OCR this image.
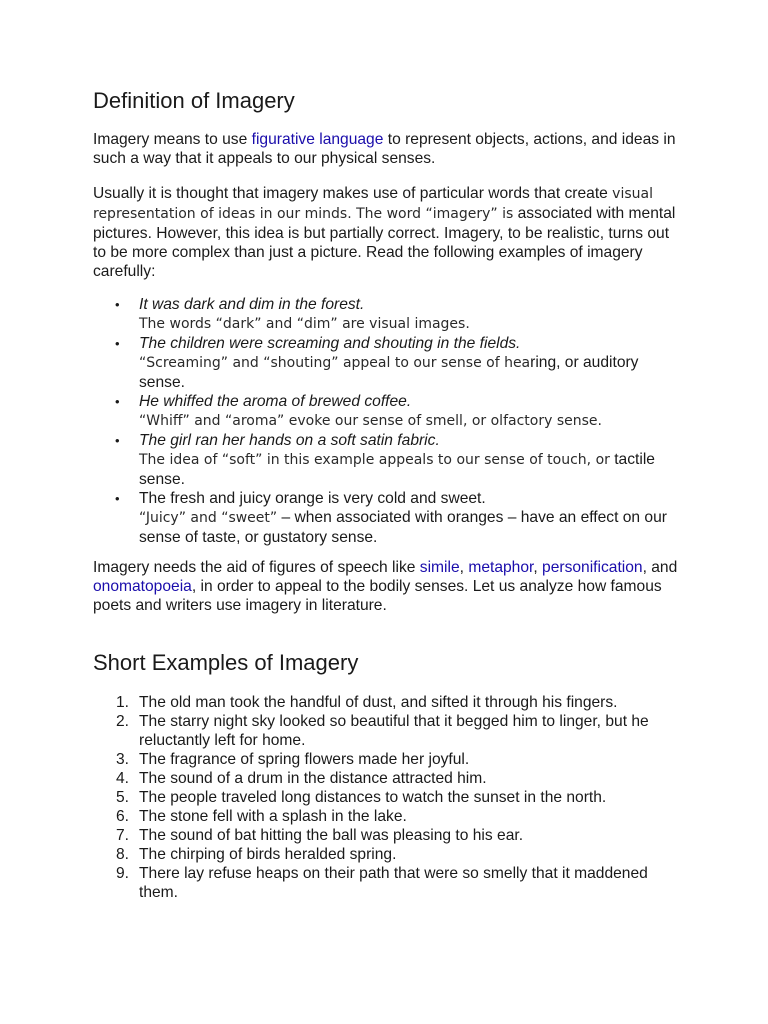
Definition of Imagery

Imagery means to use figurative language to represent objects, actions, and ideas in such a way that it appeals to our physical senses.

Usually it is thought that imagery makes use of particular words that create visual representation of ideas in our minds. The word “imagery” is associated with mental pictures. However, this idea is but partially correct. Imagery, to be realistic, turns out to be more complex than just a picture. Read the following examples of imagery carefully:

• It was dark and dim in the forest.
The words “dark” and “dim” are visual images.
• The children were screaming and shouting in the fields.
“Screaming” and “shouting” appeal to our sense of hearing, or auditory sense.
• He whiffed the aroma of brewed coffee.
“Whiff” and “aroma” evoke our sense of smell, or olfactory sense.
• The girl ran her hands on a soft satin fabric.
The idea of “soft” in this example appeals to our sense of touch, or tactile sense.
• The fresh and juicy orange is very cold and sweet.
“Juicy” and “sweet” – when associated with oranges – have an effect on our sense of taste, or gustatory sense.

Imagery needs the aid of figures of speech like simile, metaphor, personification, and onomatopoeia, in order to appeal to the bodily senses. Let us analyze how famous poets and writers use imagery in literature.

Short Examples of Imagery
1. The old man took the handful of dust, and sifted it through his fingers.
2. The starry night sky looked so beautiful that it begged him to linger, but he reluctantly left for home.
3. The fragrance of spring flowers made her joyful.
4. The sound of a drum in the distance attracted him.
5. The people traveled long distances to watch the sunset in the north.
6. The stone fell with a splash in the lake.
7. The sound of bat hitting the ball was pleasing to his ear.
8. The chirping of birds heralded spring.
9. There lay refuse heaps on their path that were so smelly that it maddened them.
